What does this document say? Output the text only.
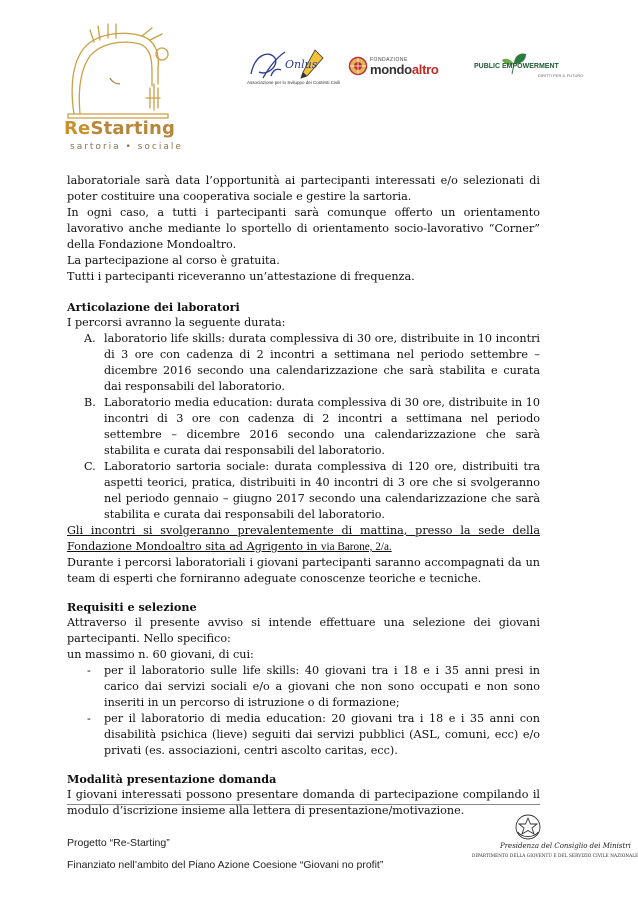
ReStarting
sartoria • sociale
Onlus
Associazione per lo Sviluppo dei Contesti Civili
FONDAZIONE
mondoaltro	PUBLIC EMPOWERMENT
DIRITTI PER IL FUTURO

laboratoriale sarà data l’opportunità ai partecipanti interessati e/o selezionati di poter costituire una cooperativa sociale e gestire la sartoria.

In ogni caso, a tutti i partecipanti sarà comunque offerto un orientamento lavorativo anche mediante lo sportello di orientamento socio-lavorativo “Corner” della Fondazione Mondoaltro.

La partecipazione al corso è gratuita.

Tutti i partecipanti riceveranno un’attestazione di frequenza.

Articolazione dei laboratori

I percorsi avranno la seguente durata:

A. laboratorio life skills: durata complessiva di 30 ore, distribuite in 10 incontri di 3 ore con cadenza di 2 incontri a settimana nel periodo settembre – dicembre 2016 secondo una calendarizzazione che sarà stabilita e curata dai responsabili del laboratorio.
B. Laboratorio media education: durata complessiva di 30 ore, distribuite in 10 incontri di 3 ore con cadenza di 2 incontri a settimana nel periodo settembre – dicembre 2016 secondo una calendarizzazione che sarà stabilita e curata dai responsabili del laboratorio.
C. Laboratorio sartoria sociale: durata complessiva di 120 ore, distribuiti tra aspetti teorici, pratica, distribuiti in 40 incontri di 3 ore che si svolgeranno nel periodo gennaio – giugno 2017 secondo una calendarizzazione che sarà stabilita e curata dai responsabili del laboratorio.

Gli incontri si svolgeranno prevalentemente di mattina, presso la sede della Fondazione Mondoaltro sita ad Agrigento in via Barone, 2/a.

Durante i percorsi laboratoriali i giovani partecipanti saranno accompagnati da un team di esperti che forniranno adeguate conoscenze teoriche e tecniche.

Requisiti e selezione

Attraverso il presente avviso si intende effettuare una selezione dei giovani partecipanti. Nello specifico:

un massimo n. 60 giovani, di cui:

- per il laboratorio sulle life skills: 40 giovani tra i 18 e i 35 anni presi in carico dai servizi sociali e/o a giovani che non sono occupati e non sono inseriti in un percorso di istruzione o di formazione;
- per il laboratorio di media education: 20 giovani tra i 18 e i 35 anni con disabilità psichica (lieve) seguiti dai servizi pubblici (ASL, comuni, ecc) e/o privati (es. associazioni, centri ascolto caritas, ecc).

Modalità presentazione domanda

I giovani interessati possono presentare domanda di partecipazione compilando il modulo d’iscrizione insieme alla lettera di presentazione/motivazione.

Progetto “Re-Starting”
Finanziato nell’ambito del Piano Azione Coesione “Giovani no profit”
Presidenza del Consiglio dei Ministri
DIPARTIMENTO DELLA GIOVENTÙ E DEL SERVIZIO CIVILE NAZIONALE
